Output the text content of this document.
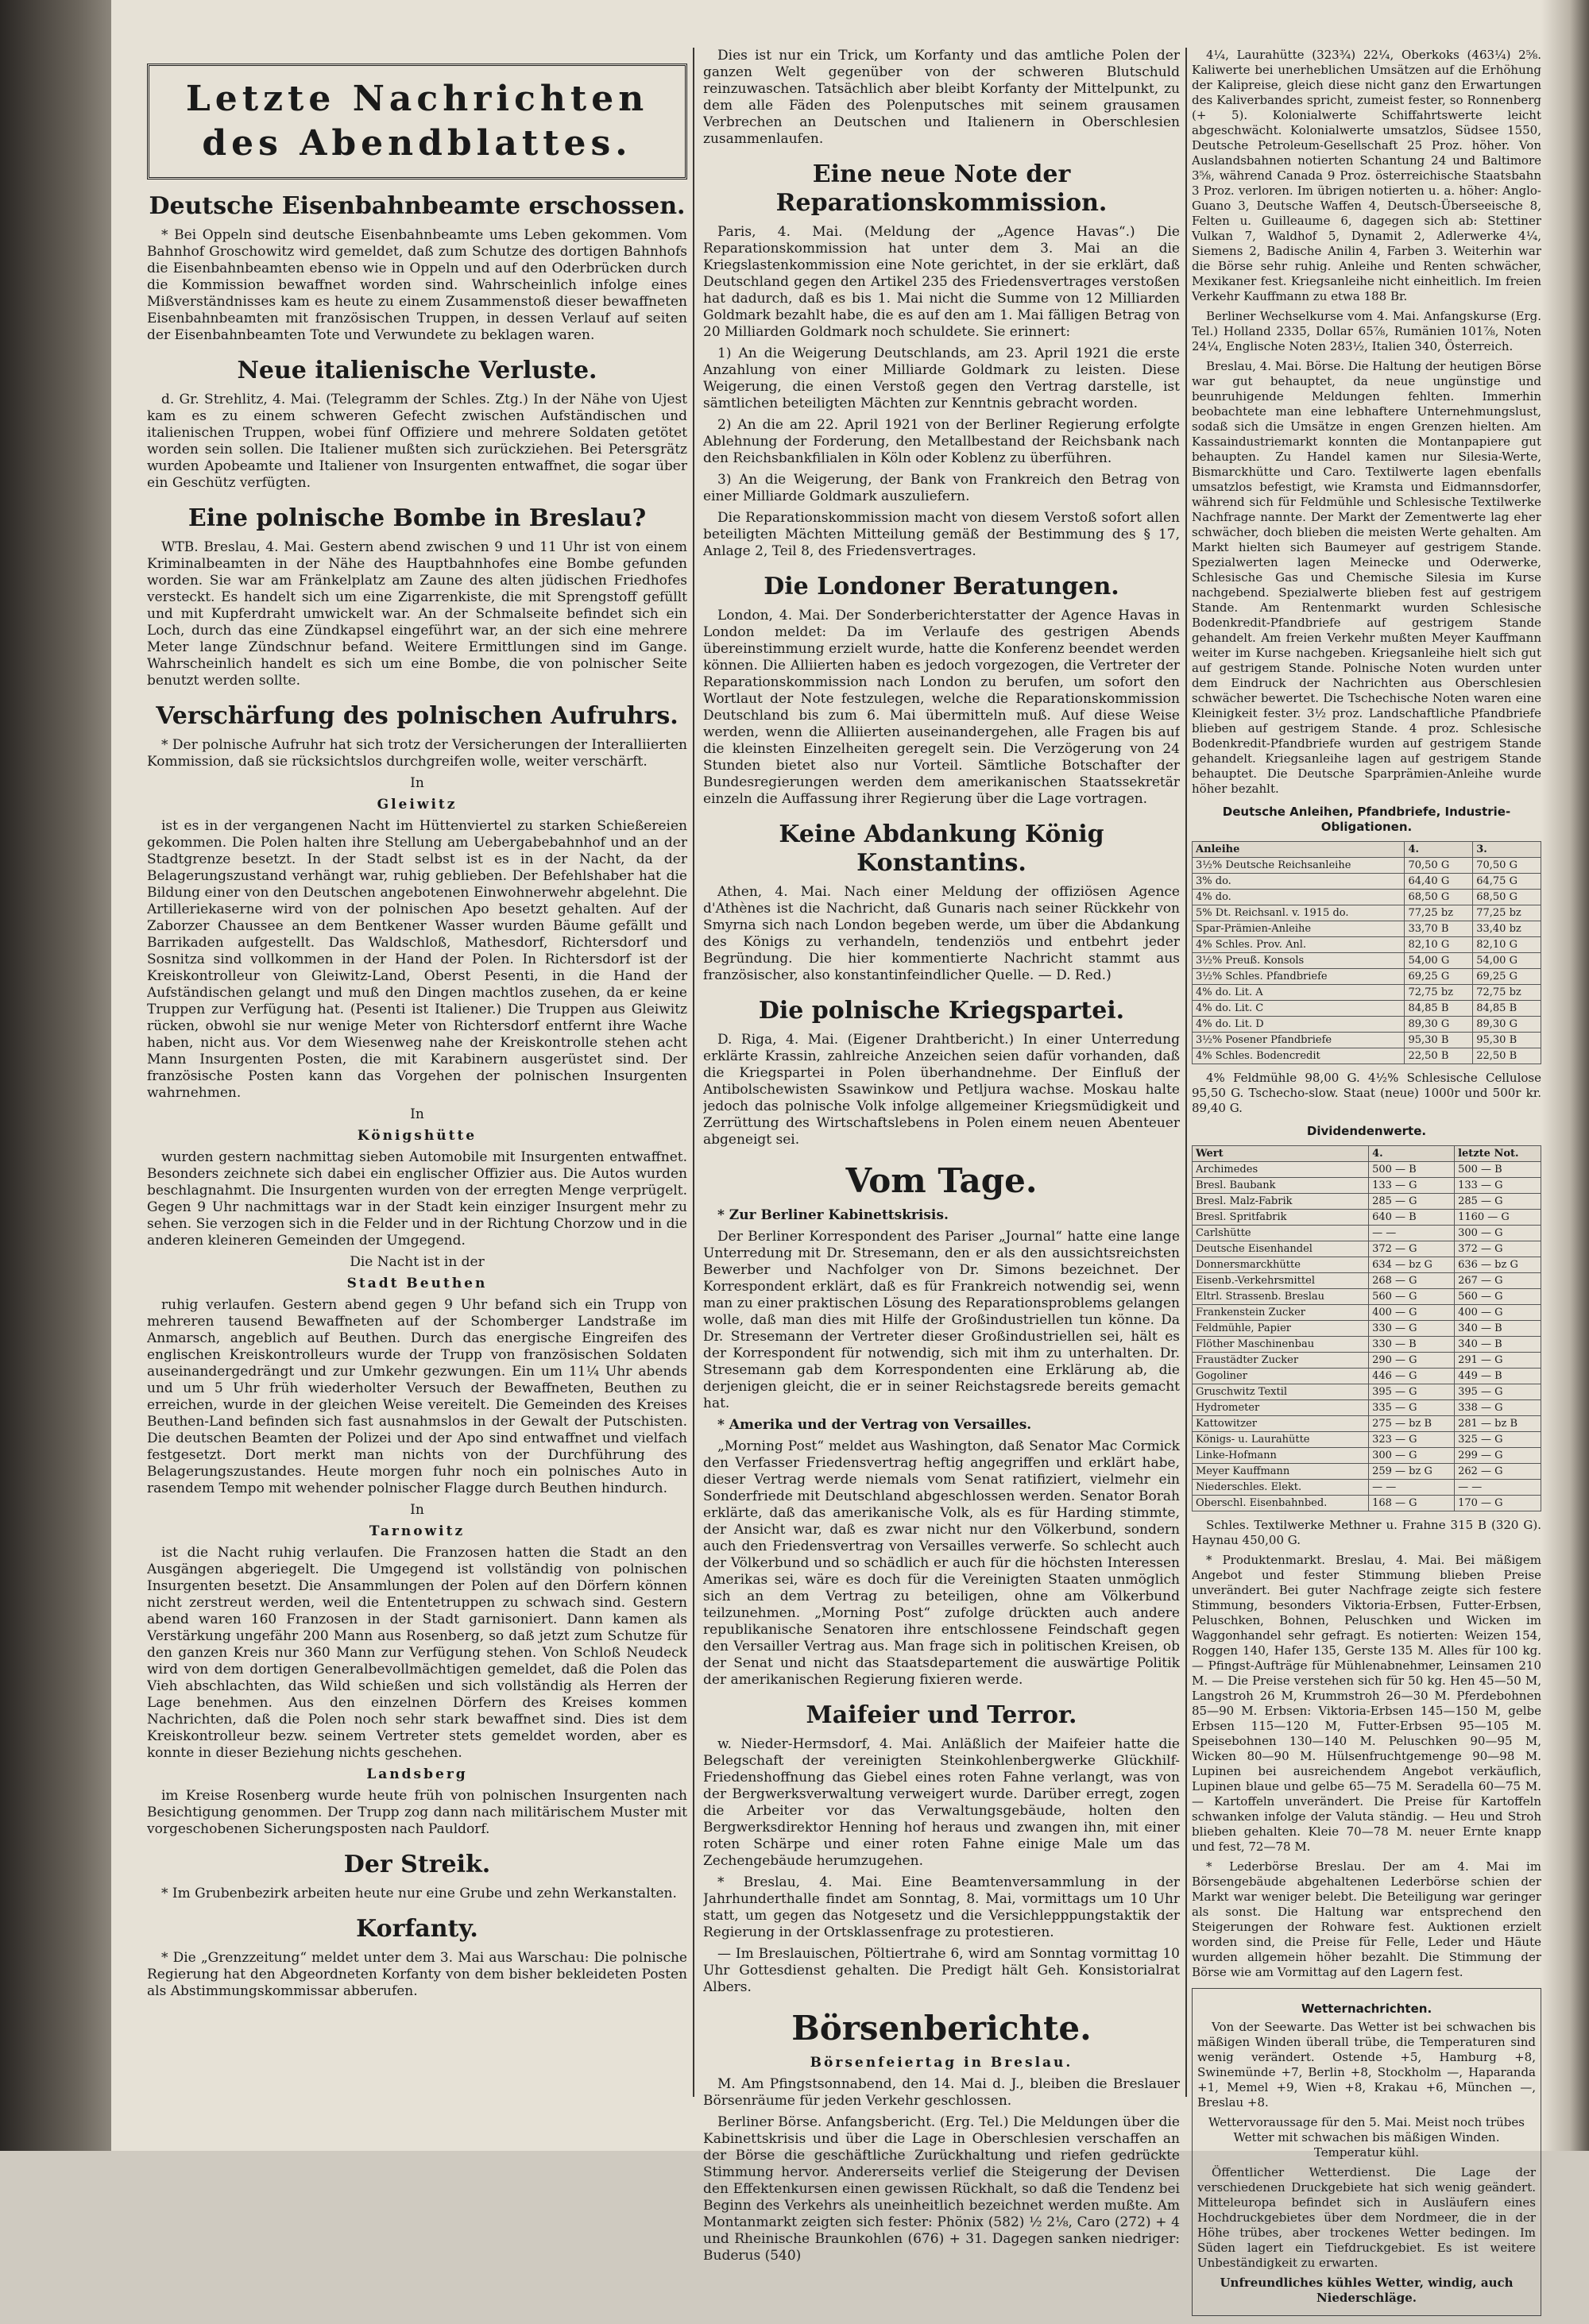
Letzte Nachrichten
des Abendblattes.
Deutsche Eisenbahnbeamte erschossen.

* Bei Oppeln sind deutsche Eisenbahnbeamte ums Leben gekommen. Vom Bahnhof Groschowitz wird gemeldet, daß zum Schutze des dortigen Bahnhofs die Eisenbahnbeamten ebenso wie in Oppeln und auf den Oderbrücken durch die Kommission bewaffnet worden sind. Wahrscheinlich infolge eines Mißverständnisses kam es heute zu einem Zusammenstoß dieser bewaffneten Eisenbahnbeamten mit französischen Truppen, in dessen Verlauf auf seiten der Eisenbahnbeamten Tote und Verwundete zu beklagen waren.

Neue italienische Verluste.

d. Gr. Strehlitz, 4. Mai. (Telegramm der Schles. Ztg.) In der Nähe von Ujest kam es zu einem schweren Gefecht zwischen Aufständischen und italienischen Truppen, wobei fünf Offiziere und mehrere Soldaten getötet worden sein sollen. Die Italiener mußten sich zurückziehen. Bei Petersgrätz wurden Apobeamte und Italiener von Insurgenten entwaffnet, die sogar über ein Geschütz verfügten.

Eine polnische Bombe in Breslau?

WTB. Breslau, 4. Mai. Gestern abend zwischen 9 und 11 Uhr ist von einem Kriminalbeamten in der Nähe des Hauptbahnhofes eine Bombe gefunden worden. Sie war am Fränkelplatz am Zaune des alten jüdischen Friedhofes versteckt. Es handelt sich um eine Zigarrenkiste, die mit Sprengstoff gefüllt und mit Kupferdraht umwickelt war. An der Schmalseite befindet sich ein Loch, durch das eine Zündkapsel eingeführt war, an der sich eine mehrere Meter lange Zündschnur befand. Weitere Ermittlungen sind im Gange. Wahrscheinlich handelt es sich um eine Bombe, die von polnischer Seite benutzt werden sollte.

Verschärfung des polnischen Aufruhrs.

* Der polnische Aufruhr hat sich trotz der Versicherungen der Interalliierten Kommission, daß sie rücksichtslos durchgreifen wolle, weiter verschärft.

In

Gleiwitz

ist es in der vergangenen Nacht im Hüttenviertel zu starken Schießereien gekommen. Die Polen halten ihre Stellung am Uebergabebahnhof und an der Stadtgrenze besetzt. In der Stadt selbst ist es in der Nacht, da der Belagerungszustand verhängt war, ruhig geblieben. Der Befehlshaber hat die Bildung einer von den Deutschen angebotenen Einwohnerwehr abgelehnt. Die Artilleriekaserne wird von der polnischen Apo besetzt gehalten. Auf der Zaborzer Chaussee an dem Bentkener Wasser wurden Bäume gefällt und Barrikaden aufgestellt. Das Waldschloß, Mathesdorf, Richtersdorf und Sosnitza sind vollkommen in der Hand der Polen. In Richtersdorf ist der Kreiskontrolleur von Gleiwitz-Land, Oberst Pesenti, in die Hand der Aufständischen gelangt und muß den Dingen machtlos zusehen, da er keine Truppen zur Verfügung hat. (Pesenti ist Italiener.) Die Truppen aus Gleiwitz rücken, obwohl sie nur wenige Meter von Richtersdorf entfernt ihre Wache haben, nicht aus. Vor dem Wiesenweg nahe der Kreiskontrolle stehen acht Mann Insurgenten Posten, die mit Karabinern ausgerüstet sind. Der französische Posten kann das Vorgehen der polnischen Insurgenten wahrnehmen.

In

Königshütte

wurden gestern nachmittag sieben Automobile mit Insurgenten entwaffnet. Besonders zeichnete sich dabei ein englischer Offizier aus. Die Autos wurden beschlagnahmt. Die Insurgenten wurden von der erregten Menge verprügelt. Gegen 9 Uhr nachmittags war in der Stadt kein einziger Insurgent mehr zu sehen. Sie verzogen sich in die Felder und in der Richtung Chorzow und in die anderen kleineren Gemeinden der Umgegend.

Die Nacht ist in der

Stadt Beuthen

ruhig verlaufen. Gestern abend gegen 9 Uhr befand sich ein Trupp von mehreren tausend Bewaffneten auf der Schomberger Landstraße im Anmarsch, angeblich auf Beuthen. Durch das energische Eingreifen des englischen Kreiskontrolleurs wurde der Trupp von französischen Soldaten auseinandergedrängt und zur Umkehr gezwungen. Ein um 11¼ Uhr abends und um 5 Uhr früh wiederholter Versuch der Bewaffneten, Beuthen zu erreichen, wurde in der gleichen Weise vereitelt. Die Gemeinden des Kreises Beuthen-Land befinden sich fast ausnahmslos in der Gewalt der Putschisten. Die deutschen Beamten der Polizei und der Apo sind entwaffnet und vielfach festgesetzt. Dort merkt man nichts von der Durchführung des Belagerungszustandes. Heute morgen fuhr noch ein polnisches Auto in rasendem Tempo mit wehender polnischer Flagge durch Beuthen hindurch.

In

Tarnowitz

ist die Nacht ruhig verlaufen. Die Franzosen hatten die Stadt an den Ausgängen abgeriegelt. Die Umgegend ist vollständig von polnischen Insurgenten besetzt. Die Ansammlungen der Polen auf den Dörfern können nicht zerstreut werden, weil die Ententetruppen zu schwach sind. Gestern abend waren 160 Franzosen in der Stadt garnisoniert. Dann kamen als Verstärkung ungefähr 200 Mann aus Rosenberg, so daß jetzt zum Schutze für den ganzen Kreis nur 360 Mann zur Verfügung stehen. Von Schloß Neudeck wird von dem dortigen Generalbevollmächtigen gemeldet, daß die Polen das Vieh abschlachten, das Wild schießen und sich vollständig als Herren der Lage benehmen. Aus den einzelnen Dörfern des Kreises kommen Nachrichten, daß die Polen noch sehr stark bewaffnet sind. Dies ist dem Kreiskontrolleur bezw. seinem Vertreter stets gemeldet worden, aber es konnte in dieser Beziehung nichts geschehen.

Landsberg

im Kreise Rosenberg wurde heute früh von polnischen Insurgenten nach Besichtigung genommen. Der Trupp zog dann nach militärischem Muster mit vorgeschobenen Sicherungsposten nach Pauldorf.

Der Streik.

* Im Grubenbezirk arbeiten heute nur eine Grube und zehn Werkanstalten.

Korfanty.

* Die „Grenzzeitung“ meldet unter dem 3. Mai aus Warschau: Die polnische Regierung hat den Abgeordneten Korfanty von dem bisher bekleideten Posten als Abstimmungskommissar abberufen.

Dies ist nur ein Trick, um Korfanty und das amtliche Polen der ganzen Welt gegenüber von der schweren Blutschuld reinzuwaschen. Tatsächlich aber bleibt Korfanty der Mittelpunkt, zu dem alle Fäden des Polenputsches mit seinem grausamen Verbrechen an Deutschen und Italienern in Oberschlesien zusammenlaufen.

Eine neue Note der Reparationskommission.

Paris, 4. Mai. (Meldung der „Agence Havas“.) Die Reparationskommission hat unter dem 3. Mai an die Kriegslastenkommission eine Note gerichtet, in der sie erklärt, daß Deutschland gegen den Artikel 235 des Friedensvertrages verstoßen hat dadurch, daß es bis 1. Mai nicht die Summe von 12 Milliarden Goldmark bezahlt habe, die es auf den am 1. Mai fälligen Betrag von 20 Milliarden Goldmark noch schuldete. Sie erinnert:

1) An die Weigerung Deutschlands, am 23. April 1921 die erste Anzahlung von einer Milliarde Goldmark zu leisten. Diese Weigerung, die einen Verstoß gegen den Vertrag darstelle, ist sämtlichen beteiligten Mächten zur Kenntnis gebracht worden.

2) An die am 22. April 1921 von der Berliner Regierung erfolgte Ablehnung der Forderung, den Metallbestand der Reichsbank nach den Reichsbankfilialen in Köln oder Koblenz zu überführen.

3) An die Weigerung, der Bank von Frankreich den Betrag von einer Milliarde Goldmark auszuliefern.

Die Reparationskommission macht von diesem Verstoß sofort allen beteiligten Mächten Mitteilung gemäß der Bestimmung des § 17, Anlage 2, Teil 8, des Friedensvertrages.

Die Londoner Beratungen.

London, 4. Mai. Der Sonderberichterstatter der Agence Havas in London meldet: Da im Verlaufe des gestrigen Abends übereinstimmung erzielt wurde, hatte die Konferenz beendet werden können. Die Alliierten haben es jedoch vorgezogen, die Vertreter der Reparationskommission nach London zu berufen, um sofort den Wortlaut der Note festzulegen, welche die Reparationskommission Deutschland bis zum 6. Mai übermitteln muß. Auf diese Weise werden, wenn die Alliierten auseinandergehen, alle Fragen bis auf die kleinsten Einzelheiten geregelt sein. Die Verzögerung von 24 Stunden bietet also nur Vorteil. Sämtliche Botschafter der Bundesregierungen werden dem amerikanischen Staatssekretär einzeln die Auffassung ihrer Regierung über die Lage vortragen.

Keine Abdankung König Konstantins.

Athen, 4. Mai. Nach einer Meldung der offiziösen Agence d'Athènes ist die Nachricht, daß Gunaris nach seiner Rückkehr von Smyrna sich nach London begeben werde, um über die Abdankung des Königs zu verhandeln, tendenziös und entbehrt jeder Begründung. Die hier kommentierte Nachricht stammt aus französischer, also konstantinfeindlicher Quelle. — D. Red.)

Die polnische Kriegspartei.

D. Riga, 4. Mai. (Eigener Drahtbericht.) In einer Unterredung erklärte Krassin, zahlreiche Anzeichen seien dafür vorhanden, daß die Kriegspartei in Polen überhandnehme. Der Einfluß der Antibolschewisten Ssawinkow und Petljura wachse. Moskau halte jedoch das polnische Volk infolge allgemeiner Kriegsmüdigkeit und Zerrüttung des Wirtschaftslebens in Polen einem neuen Abenteuer abgeneigt sei.

Vom Tage.

* Zur Berliner Kabinettskrisis.

Der Berliner Korrespondent des Pariser „Journal“ hatte eine lange Unterredung mit Dr. Stresemann, den er als den aussichtsreichsten Bewerber und Nachfolger von Dr. Simons bezeichnet. Der Korrespondent erklärt, daß es für Frankreich notwendig sei, wenn man zu einer praktischen Lösung des Reparationsproblems gelangen wolle, daß man dies mit Hilfe der Großindustriellen tun könne. Da Dr. Stresemann der Vertreter dieser Großindustriellen sei, hält es der Korrespondent für notwendig, sich mit ihm zu unterhalten. Dr. Stresemann gab dem Korrespondenten eine Erklärung ab, die derjenigen gleicht, die er in seiner Reichstagsrede bereits gemacht hat.

* Amerika und der Vertrag von Versailles.

„Morning Post“ meldet aus Washington, daß Senator Mac Cormick den Verfasser Friedensvertrag heftig angegriffen und erklärt habe, dieser Vertrag werde niemals vom Senat ratifiziert, vielmehr ein Sonderfriede mit Deutschland abgeschlossen werden. Senator Borah erklärte, daß das amerikanische Volk, als es für Harding stimmte, der Ansicht war, daß es zwar nicht nur den Völkerbund, sondern auch den Friedensvertrag von Versailles verwerfe. So schlecht auch der Völkerbund und so schädlich er auch für die höchsten Interessen Amerikas sei, wäre es doch für die Vereinigten Staaten unmöglich sich an dem Vertrag zu beteiligen, ohne am Völkerbund teilzunehmen. „Morning Post“ zufolge drückten auch andere republikanische Senatoren ihre entschlossene Feindschaft gegen den Versailler Vertrag aus. Man frage sich in politischen Kreisen, ob der Senat und nicht das Staatsdepartement die auswärtige Politik der amerikanischen Regierung fixieren werde.

Maifeier und Terror.

w. Nieder-Hermsdorf, 4. Mai. Anläßlich der Maifeier hatte die Belegschaft der vereinigten Steinkohlenbergwerke Glückhilf-Friedenshoffnung das Giebel eines roten Fahne verlangt, was von der Bergwerksverwaltung verweigert wurde. Darüber erregt, zogen die Arbeiter vor das Verwaltungsgebäude, holten den Bergwerksdirektor Henning hof heraus und zwangen ihn, mit einer roten Schärpe und einer roten Fahne einige Male um das Zechengebäude herumzugehen.

* Breslau, 4. Mai. Eine Beamtenversammlung in der Jahrhunderthalle findet am Sonntag, 8. Mai, vormittags um 10 Uhr statt, um gegen das Notgesetz und die Versichlepppungstaktik der Regierung in der Ortsklassenfrage zu protestieren.

— Im Breslauischen, Pöltiertrahe 6, wird am Sonntag vormittag 10 Uhr Gottesdienst gehalten. Die Predigt hält Geh. Konsistorialrat Albers.

Börsenberichte.

Börsenfeiertag in Breslau.

M. Am Pfingstsonnabend, den 14. Mai d. J., bleiben die Breslauer Börsenräume für jeden Verkehr geschlossen.

Berliner Börse. Anfangsbericht. (Erg. Tel.) Die Meldungen über die Kabinettskrisis und über die Lage in Oberschlesien verschaffen an der Börse die geschäftliche Zurückhaltung und riefen gedrückte Stimmung hervor. Andererseits verlief die Steigerung der Devisen den Effektenkursen einen gewissen Rückhalt, so daß die Tendenz bei Beginn des Verkehrs als uneinheitlich bezeichnet werden mußte. Am Montanmarkt zeigten sich fester: Phönix (582) ½ 2⅛, Caro (272) + 4 und Rheinische Braunkohlen (676) + 31. Dagegen sanken niedriger: Buderus (540)

4¼, Laurahütte (323¾) 22¼, Oberkoks (463¼) 2⅝. Kaliwerte bei unerheblichen Umsätzen auf die Erhöhung der Kalipreise, gleich diese nicht ganz den Erwartungen des Kaliverbandes spricht, zumeist fester, so Ronnenberg (+ 5). Kolonialwerte Schiffahrtswerte leicht abgeschwächt. Kolonialwerte umsatzlos, Südsee 1550, Deutsche Petroleum-Gesellschaft 25 Proz. höher. Von Auslandsbahnen notierten Schantung 24 und Baltimore 3⅝, während Canada 9 Proz. österreichische Staatsbahn 3 Proz. verloren. Im übrigen notierten u. a. höher: Anglo-Guano 3, Deutsche Waffen 4, Deutsch-Überseeische 8, Felten u. Guilleaume 6, dagegen sich ab: Stettiner Vulkan 7, Waldhof 5, Dynamit 2, Adlerwerke 4¼, Siemens 2, Badische Anilin 4, Farben 3. Weiterhin war die Börse sehr ruhig. Anleihe und Renten schwächer, Mexikaner fest. Kriegsanleihe nicht einheitlich. Im freien Verkehr Kauffmann zu etwa 188 Br.

Berliner Wechselkurse vom 4. Mai. Anfangskurse (Erg. Tel.) Holland 2335, Dollar 65⅞, Rumänien 101⅞, Noten 24¼, Englische Noten 283½, Italien 340, Österreich.

Breslau, 4. Mai. Börse. Die Haltung der heutigen Börse war gut behauptet, da neue ungünstige und beunruhigende Meldungen fehlten. Immerhin beobachtete man eine lebhaftere Unternehmungslust, sodaß sich die Umsätze in engen Grenzen hielten. Am Kassaindustriemarkt konnten die Montanpapiere gut behaupten. Zu Handel kamen nur Silesia-Werte, Bismarckhütte und Caro. Textilwerte lagen ebenfalls umsatzlos befestigt, wie Kramsta und Eidmannsdorfer, während sich für Feldmühle und Schlesische Textilwerke Nachfrage nannte. Der Markt der Zementwerte lag eher schwächer, doch blieben die meisten Werte gehalten. Am Markt hielten sich Baumeyer auf gestrigem Stande. Spezialwerten lagen Meinecke und Oderwerke, Schlesische Gas und Chemische Silesia im Kurse nachgebend. Spezialwerte blieben fest auf gestrigem Stande. Am Rentenmarkt wurden Schlesische Bodenkredit-Pfandbriefe auf gestrigem Stande gehandelt. Am freien Verkehr mußten Meyer Kauffmann weiter im Kurse nachgeben. Kriegsanleihe hielt sich gut auf gestrigem Stande. Polnische Noten wurden unter dem Eindruck der Nachrichten aus Oberschlesien schwächer bewertet. Die Tschechische Noten waren eine Kleinigkeit fester. 3½ proz. Landschaftliche Pfandbriefe blieben auf gestrigem Stande. 4 proz. Schlesische Bodenkredit-Pfandbriefe wurden auf gestrigem Stande gehandelt. Kriegsanleihe lagen auf gestrigem Stande behauptet. Die Deutsche Sparprämien-Anleihe wurde höher bezahlt.

Deutsche Anleihen, Pfandbriefe, Industrie-Obligationen.
Anleihe	4.	3.
3½% Deutsche Reichsanleihe	70,50 G	70,50 G
3% do.	64,40 G	64,75 G
4% do.	68,50 G	68,50 G
5% Dt. Reichsanl. v. 1915 do.	77,25 bz	77,25 bz
Spar-Prämien-Anleihe	33,70 B	33,40 bz
4% Schles. Prov. Anl.	82,10 G	82,10 G
3½% Preuß. Konsols	54,00 G	54,00 G
3½% Schles. Pfandbriefe	69,25 G	69,25 G
4% do. Lit. A	72,75 bz	72,75 bz
4% do. Lit. C	84,85 B	84,85 B
4% do. Lit. D	89,30 G	89,30 G
3½% Posener Pfandbriefe	95,30 B	95,30 B
4% Schles. Bodencredit	22,50 B	22,50 B

4% Feldmühle 98,00 G. 4½% Schlesische Cellulose 95,50 G. Tschecho-slow. Staat (neue) 1000r und 500r kr. 89,40 G.

Dividendenwerte.
Wert	4.	letzte Not.
Archimedes	500 — B	500 — B
Bresl. Baubank	133 — G	133 — G
Bresl. Malz-Fabrik	285 — G	285 — G
Bresl. Spritfabrik	640 — B	1160 — G
Carlshütte	— —	300 — G
Deutsche Eisenhandel	372 — G	372 — G
Donnersmarckhütte	634 — bz G	636 — bz G
Eisenb.-Verkehrsmittel	268 — G	267 — G
Eltrl. Strassenb. Breslau	560 — G	560 — G
Frankenstein Zucker	400 — G	400 — G
Feldmühle, Papier	330 — G	340 — B
Flöther Maschinenbau	330 — B	340 — B
Fraustädter Zucker	290 — G	291 — G
Gogoliner	446 — G	449 — B
Gruschwitz Textil	395 — G	395 — G
Hydrometer	335 — G	338 — G
Kattowitzer	275 — bz B	281 — bz B
Königs- u. Laurahütte	323 — G	325 — G
Linke-Hofmann	300 — G	299 — G
Meyer Kauffmann	259 — bz G	262 — G
Niederschles. Elekt.	— —	— —
Oberschl. Eisenbahnbed.	168 — G	170 — G

Schles. Textilwerke Methner u. Frahne 315 B (320 G). Haynau 450,00 G.

* Produktenmarkt. Breslau, 4. Mai. Bei mäßigem Angebot und fester Stimmung blieben Preise unverändert. Bei guter Nachfrage zeigte sich festere Stimmung, besonders Viktoria-Erbsen, Futter-Erbsen, Peluschken, Bohnen, Peluschken und Wicken im Waggonhandel sehr gefragt. Es notierten: Weizen 154, Roggen 140, Hafer 135, Gerste 135 M. Alles für 100 kg. — Pfingst-Aufträge für Mühlenabnehmer, Leinsamen 210 M. — Die Preise verstehen sich für 50 kg. Hen 45—50 M, Langstroh 26 M, Krummstroh 26—30 M. Pferdebohnen 85—90 M. Erbsen: Viktoria-Erbsen 145—150 M, gelbe Erbsen 115—120 M, Futter-Erbsen 95—105 M. Speisebohnen 130—140 M. Peluschken 90—95 M, Wicken 80—90 M. Hülsenfruchtgemenge 90—98 M. Lupinen bei ausreichendem Angebot verkäuflich, Lupinen blaue und gelbe 65—75 M. Seradella 60—75 M. — Kartoffeln unverändert. Die Preise für Kartoffeln schwanken infolge der Valuta ständig. — Heu und Stroh blieben gehalten. Kleie 70—78 M. neuer Ernte knapp und fest, 72—78 M.

* Lederbörse Breslau. Der am 4. Mai im Börsengebäude abgehaltenen Lederbörse schien der Markt war weniger belebt. Die Beteiligung war geringer als sonst. Die Haltung war entsprechend den Steigerungen der Rohware fest. Auktionen erzielt worden sind, die Preise für Felle, Leder und Häute wurden allgemein höher bezahlt. Die Stimmung der Börse wie am Vormittag auf den Lagern fest.

Wetternachrichten.

Von der Seewarte. Das Wetter ist bei schwachen bis mäßigen Winden überall trübe, die Temperaturen sind wenig verändert. Ostende +5, Hamburg +8, Swinemünde +7, Berlin +8, Stockholm —, Haparanda +1, Memel +9, Wien +8, Krakau +6, München —, Breslau +8.

Wettervoraussage für den 5. Mai. Meist noch trübes Wetter mit schwachen bis mäßigen Winden. Temperatur kühl.

Öffentlicher Wetterdienst. Die Lage der verschiedenen Druckgebiete hat sich wenig geändert. Mitteleuropa befindet sich in Ausläufern eines Hochdruckgebietes über dem Nordmeer, die in der Höhe trübes, aber trockenes Wetter bedingen. Im Süden lagert ein Tiefdruckgebiet. Es ist weitere Unbeständigkeit zu erwarten.

Unfreundliches kühles Wetter, windig, auch Niederschläge.
